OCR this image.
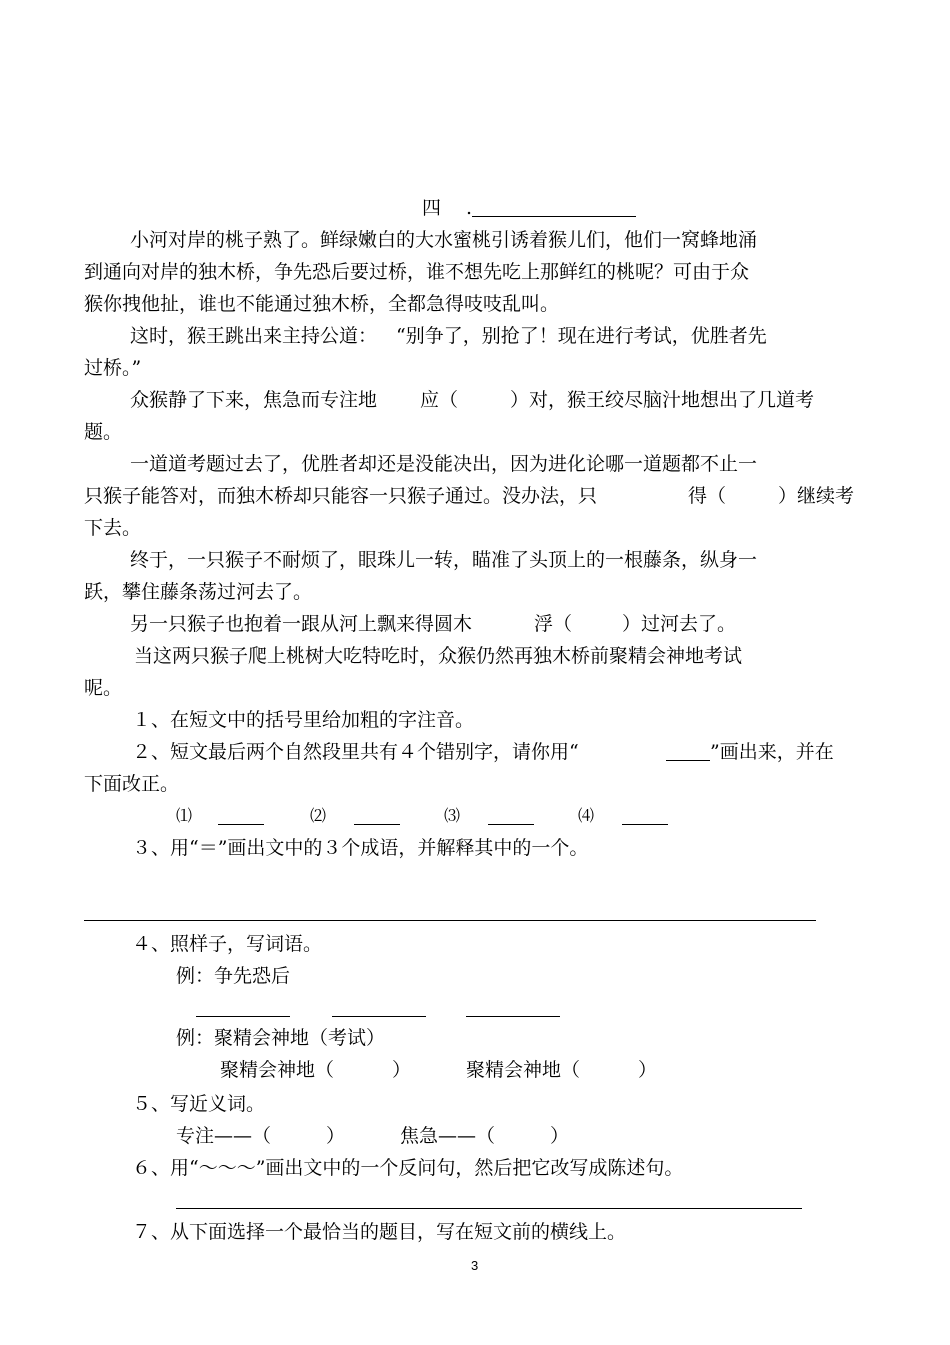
四 .
小河对岸的桃子熟了。鲜绿嫩白的大水蜜桃引诱着猴儿们，他们一窝蜂地涌
到通向对岸的独木桥，争先恐后要过桥，谁不想先吃上那鲜红的桃呢？可由于众
猴你拽他扯，谁也不能通过独木桥，全都急得吱吱乱叫。
这时，猴王跳出来主持公道： “别争了，别抢了！现在进行考试，优胜者先
过桥。”
众猴静了下来，焦急而专注地 应（	）对，猴王绞尽脑汁地想出了几道考
题。
一道道考题过去了，优胜者却还是没能决出，因为进化论哪一道题都不止一
只猴子能答对，而独木桥却只能容一只猴子通过。没办法，只	得（	）继续考
下去。
终于，一只猴子不耐烦了，眼珠儿一转，瞄准了头顶上的一根藤条，纵身一
跃，攀住藤条荡过河去了。
另一只猴子也抱着一跟从河上飘来得圆木	浮（	）过河去了。
当这两只猴子爬上桃树大吃特吃时，众猴仍然再独木桥前聚精会神地考试
呢。
１、在短文中的括号里给加粗的字注音。
２、短文最后两个自然段里共有４个错别字，请你用“	”画出来，并在
下面改正。
⑴	⑵	⑶	⑷
３、用“＝”画出文中的３个成语，并解释其中的一个。
４、照样子，写词语。
例：争先恐后
例：聚精会神地（考试）
聚精会神地（	）	聚精会神地（	）
５、写近义词。
专注——（	）	焦急——（	）
６、用“～～～”画出文中的一个反问句，然后把它改写成陈述句。
７、从下面选择一个最恰当的题目，写在短文前的横线上。
3
